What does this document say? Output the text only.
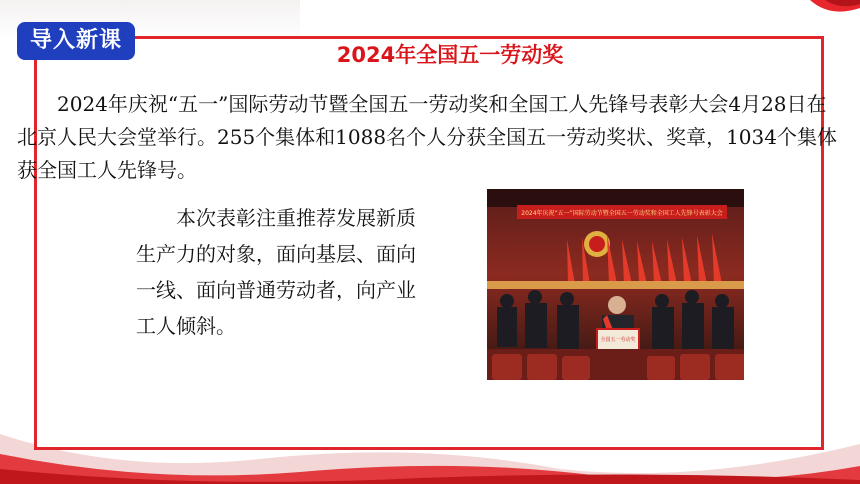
导入新课
2024年全国五一劳动奖
2024年庆祝“五一”国际劳动节暨全国五一劳动奖和全国工人先锋号表彰大会4月28日在北京人民大会堂举行。255个集体和1088名个人分获全国五一劳动奖状、奖章，1034个集体获全国工人先锋号。
本次表彰注重推荐发展新质生产力的对象，面向基层、面向一线、面向普通劳动者，向产业工人倾斜。
2024年庆祝“五一”国际劳动节暨全国五一劳动奖和全国工人先锋号表彰大会
全国五一劳动奖
